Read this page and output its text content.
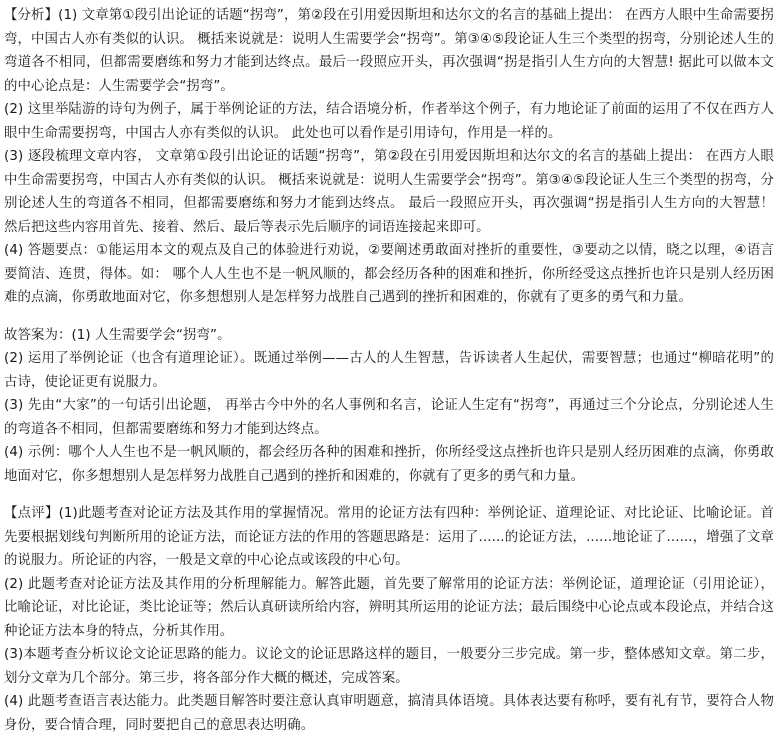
【分析】(1) 文章第①段引出论证的话题“拐弯”，第②段在引用爱因斯坦和达尔文的名言的基础上提出： 在西方人眼中生命需要拐弯，中国古人亦有类似的认识。 概括来说就是：说明人生需要学会“拐弯”。第③④⑤段论证人生三个类型的拐弯，分别论述人生的弯道各不相同，但都需要磨练和努力才能到达终点。最后一段照应开头，再次强调“拐是指引人生方向的大智慧! 据此可以做本文的中心论点是：人生需要学会“拐弯”。

(2) 这里举陆游的诗句为例子，属于举例论证的方法，结合语境分析，作者举这个例子，有力地论证了前面的运用了不仅在西方人眼中生命需要拐弯，中国古人亦有类似的认识。 此处也可以看作是引用诗句，作用是一样的。

(3) 逐段梳理文章内容， 文章第①段引出论证的话题“拐弯”，第②段在引用爱因斯坦和达尔文的名言的基础上提出： 在西方人眼中生命需要拐弯，中国古人亦有类似的认识。 概括来说就是：说明人生需要学会“拐弯”。第③④⑤段论证人生三个类型的拐弯，分别论述人生的弯道各不相同，但都需要磨练和努力才能到达终点。 最后一段照应开头，再次强调“拐是指引人生方向的大智慧！ 然后把这些内容用首先、接着、然后、最后等表示先后顺序的词语连接起来即可。

(4) 答题要点：①能运用本文的观点及自己的体验进行劝说，②要阐述勇敢面对挫折的重要性，③要动之以情，晓之以理，④语言要简洁、连贯，得体。如： 哪个人人生也不是一帆风顺的，都会经历各种的困难和挫折，你所经受这点挫折也许只是别人经历困难的点滴，你勇敢地面对它，你多想想别人是怎样努力战胜自己遇到的挫折和困难的，你就有了更多的勇气和力量。

故答案为：(1) 人生需要学会“拐弯”。

(2) 运用了举例论证（也含有道理论证）。既通过举例——古人的人生智慧，告诉读者人生起伏，需要智慧；也通过“柳暗花明”的古诗，使论证更有说服力。

(3) 先由“大家”的一句话引出论题， 再举古今中外的名人事例和名言，论证人生定有“拐弯”，再通过三个分论点，分别论述人生的弯道各不相同，但都需要磨练和努力才能到达终点。

(4) 示例：哪个人人生也不是一帆风顺的，都会经历各种的困难和挫折，你所经受这点挫折也许只是别人经历困难的点滴，你勇敢地面对它，你多想想别人是怎样努力战胜自己遇到的挫折和困难的，你就有了更多的勇气和力量。

【点评】(1)此题考查对论证方法及其作用的掌握情况。常用的论证方法有四种：举例论证、道理论证、对比论证、比喻论证。首先要根据划线句判断所用的论证方法，而论证方法的作用的答题思路是：运用了......的论证方法，......地论证了......，增强了文章的说服力。所论证的内容，一般是文章的中心论点或该段的中心句。

(2) 此题考查对论证方法及其作用的分析理解能力。解答此题，首先要了解常用的论证方法：举例论证，道理论证（引用论证），比喻论证，对比论证，类比论证等；然后认真研读所给内容，辨明其所运用的论证方法；最后围绕中心论点或本段论点，并结合这种论证方法本身的特点，分析其作用。

(3)本题考查分析议论文论证思路的能力。议论文的论证思路这样的题目，一般要分三步完成。第一步，整体感知文章。第二步，划分文章为几个部分。第三步，将各部分作大概的概述，完成答案。

(4) 此题考查语言表达能力。此类题目解答时要注意认真审明题意，搞清具体语境。具体表达要有称呼，要有礼有节，要符合人物身份，要合情合理，同时要把自己的意思表达明确。
